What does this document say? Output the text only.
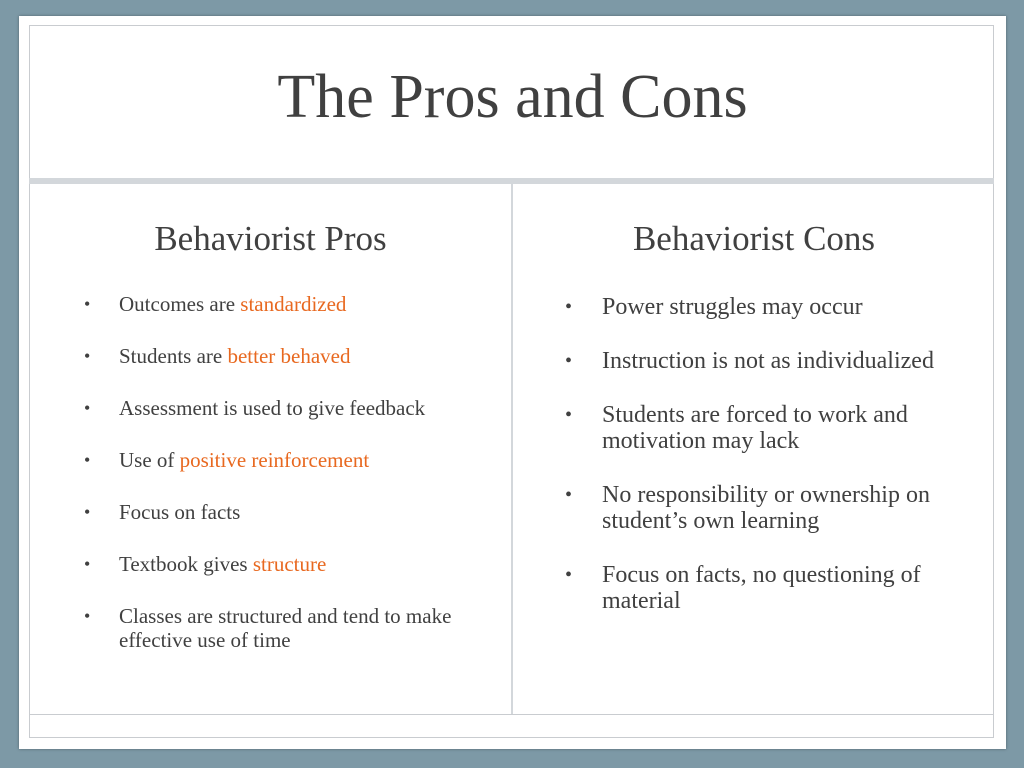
The Pros and Cons
Behaviorist Pros
• Outcomes are standardized
• Students are better behaved
• Assessment is used to give feedback
• Use of positive reinforcement
• Focus on facts
• Textbook gives structure
• Classes are structured and tend to make effective use of time
Behaviorist Cons
• Power struggles may occur
• Instruction is not as individualized
• Students are forced to work and motivation may lack
• No responsibility or ownership on student’s own learning
• Focus on facts, no questioning of material
